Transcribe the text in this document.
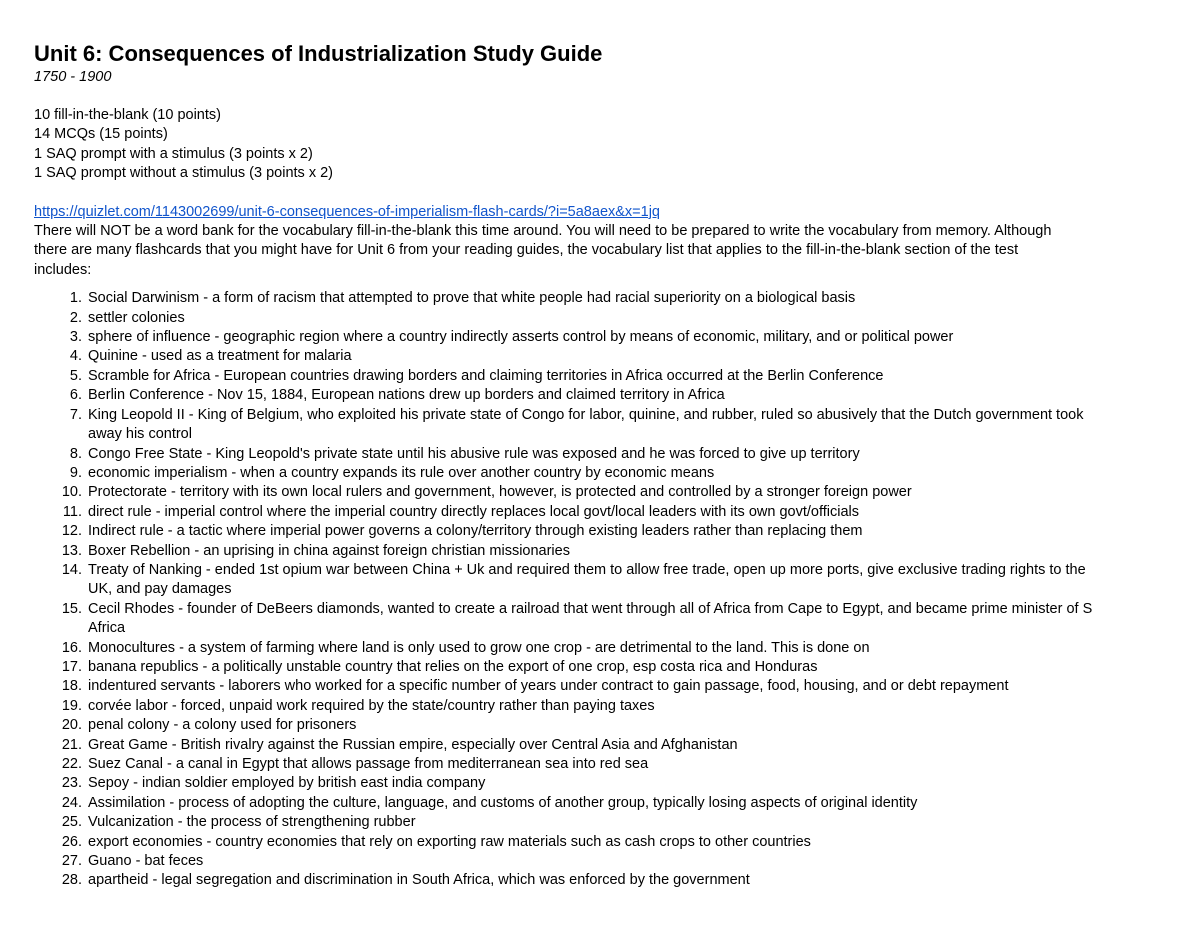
Unit 6: Consequences of Industrialization Study Guide

1750 - 1900

10 fill-in-the-blank (10 points)

14 MCQs (15 points)

1 SAQ prompt with a stimulus (3 points x 2)

1 SAQ prompt without a stimulus (3 points x 2)

https://quizlet.com/1143002699/unit-6-consequences-of-imperialism-flash-cards/?i=5a8aex&x=1jq

There will NOT be a word bank for the vocabulary fill-in-the-blank this time around. You will need to be prepared to write the vocabulary from memory. Although there are many flashcards that you might have for Unit 6 from your reading guides, the vocabulary list that applies to the fill-in-the-blank section of the test includes:

1. Social Darwinism - a form of racism that attempted to prove that white people had racial superiority on a biological basis
2. settler colonies
3. sphere of influence - geographic region where a country indirectly asserts control by means of economic, military, and or political power
4. Quinine - used as a treatment for malaria
5. Scramble for Africa - European countries drawing borders and claiming territories in Africa occurred at the Berlin Conference
6. Berlin Conference - Nov 15, 1884, European nations drew up borders and claimed territory in Africa
7. King Leopold II - King of Belgium, who exploited his private state of Congo for labor, quinine, and rubber, ruled so abusively that the Dutch government took away his control
8. Congo Free State - King Leopold's private state until his abusive rule was exposed and he was forced to give up territory
9. economic imperialism - when a country expands its rule over another country by economic means
10. Protectorate - territory with its own local rulers and government, however, is protected and controlled by a stronger foreign power
11. direct rule - imperial control where the imperial country directly replaces local govt/local leaders with its own govt/officials
12. Indirect rule - a tactic where imperial power governs a colony/territory through existing leaders rather than replacing them
13. Boxer Rebellion - an uprising in china against foreign christian missionaries
14. Treaty of Nanking - ended 1st opium war between China + Uk and required them to allow free trade, open up more ports, give exclusive trading rights to the UK, and pay damages
15. Cecil Rhodes - founder of DeBeers diamonds, wanted to create a railroad that went through all of Africa from Cape to Egypt, and became prime minister of S Africa
16. Monocultures - a system of farming where land is only used to grow one crop - are detrimental to the land. This is done on
17. banana republics - a politically unstable country that relies on the export of one crop, esp costa rica and Honduras
18. indentured servants - laborers who worked for a specific number of years under contract to gain passage, food, housing, and or debt repayment
19. corvée labor - forced, unpaid work required by the state/country rather than paying taxes
20. penal colony - a colony used for prisoners
21. Great Game - British rivalry against the Russian empire, especially over Central Asia and Afghanistan
22. Suez Canal - a canal in Egypt that allows passage from mediterranean sea into red sea
23. Sepoy - indian soldier employed by british east india company
24. Assimilation - process of adopting the culture, language, and customs of another group, typically losing aspects of original identity
25. Vulcanization - the process of strengthening rubber
26. export economies - country economies that rely on exporting raw materials such as cash crops to other countries
27. Guano - bat feces
28. apartheid - legal segregation and discrimination in South Africa, which was enforced by the government
